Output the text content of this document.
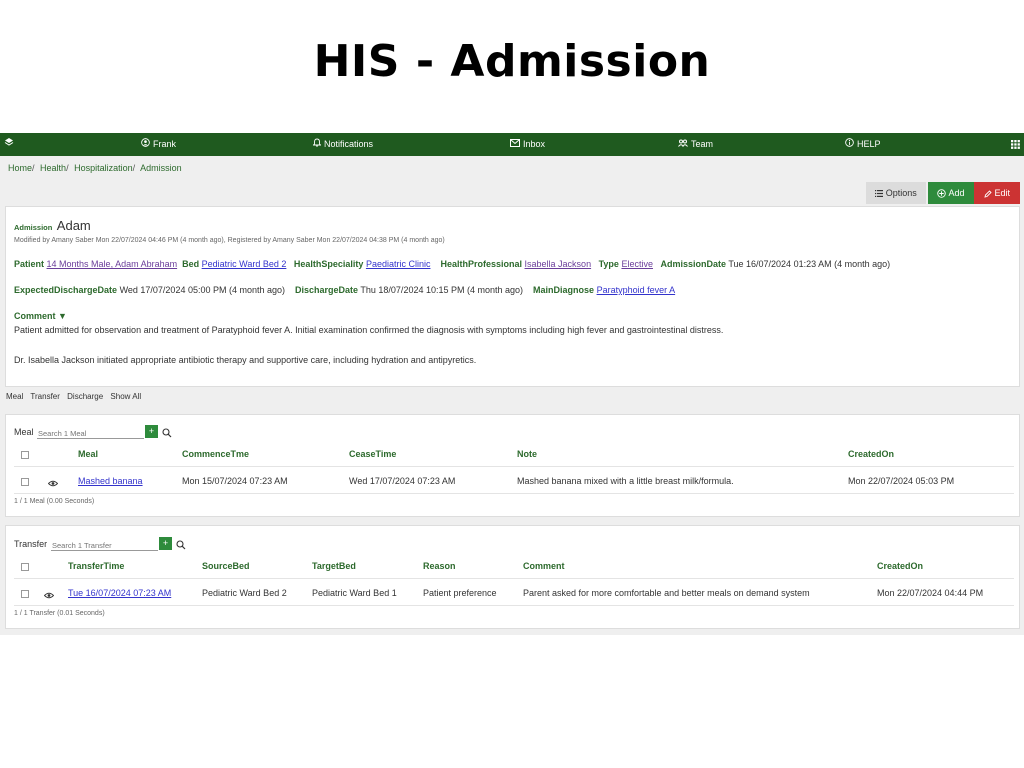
HIS - Admission
Frank	Notifications	Inbox	Team	HELP
Home/ Health/ Hospitalization/ Admission
Options	Add	Edit
Admission Adam
Modified by Amany Saber Mon 22/07/2024 04:46 PM (4 month ago), Registered by Amany Saber Mon 22/07/2024 04:38 PM (4 month ago)
Patient 14 Months Male, Adam Abraham Bed Pediatric Ward Bed 2 HealthSpeciality Paediatric Clinic HealthProfessional Isabella Jackson Type Elective AdmissionDate Tue 16/07/2024 01:23 AM (4 month ago)
ExpectedDischargeDate Wed 17/07/2024 05:00 PM (4 month ago) DischargeDate Thu 18/07/2024 10:15 PM (4 month ago) MainDiagnose Paratyphoid fever A
Comment ▼
Patient admitted for observation and treatment of Paratyphoid fever A. Initial examination confirmed the diagnosis with symptoms including high fever and gastrointestinal distress.
Dr. Isabella Jackson initiated appropriate antibiotic therapy and supportive care, including hydration and antipyretics.
Meal Transfer Discharge Show All
Meal
Search 1 Meal	+
Meal	CommenceTme	CeaseTime	Note	CreatedOn
Mashed banana	Mon 15/07/2024 07:23 AM	Wed 17/07/2024 07:23 AM	Mashed banana mixed with a little breast milk/formula.	Mon 22/07/2024 05:03 PM
1 / 1 Meal (0.00 Seconds)
Transfer
Search 1 Transfer	+
TransferTime	SourceBed	TargetBed	Reason	Comment	CreatedOn
Tue 16/07/2024 07:23 AM	Pediatric Ward Bed 2	Pediatric Ward Bed 1	Patient preference	Parent asked for more comfortable and better meals on demand system	Mon 22/07/2024 04:44 PM
1 / 1 Transfer (0.01 Seconds)
